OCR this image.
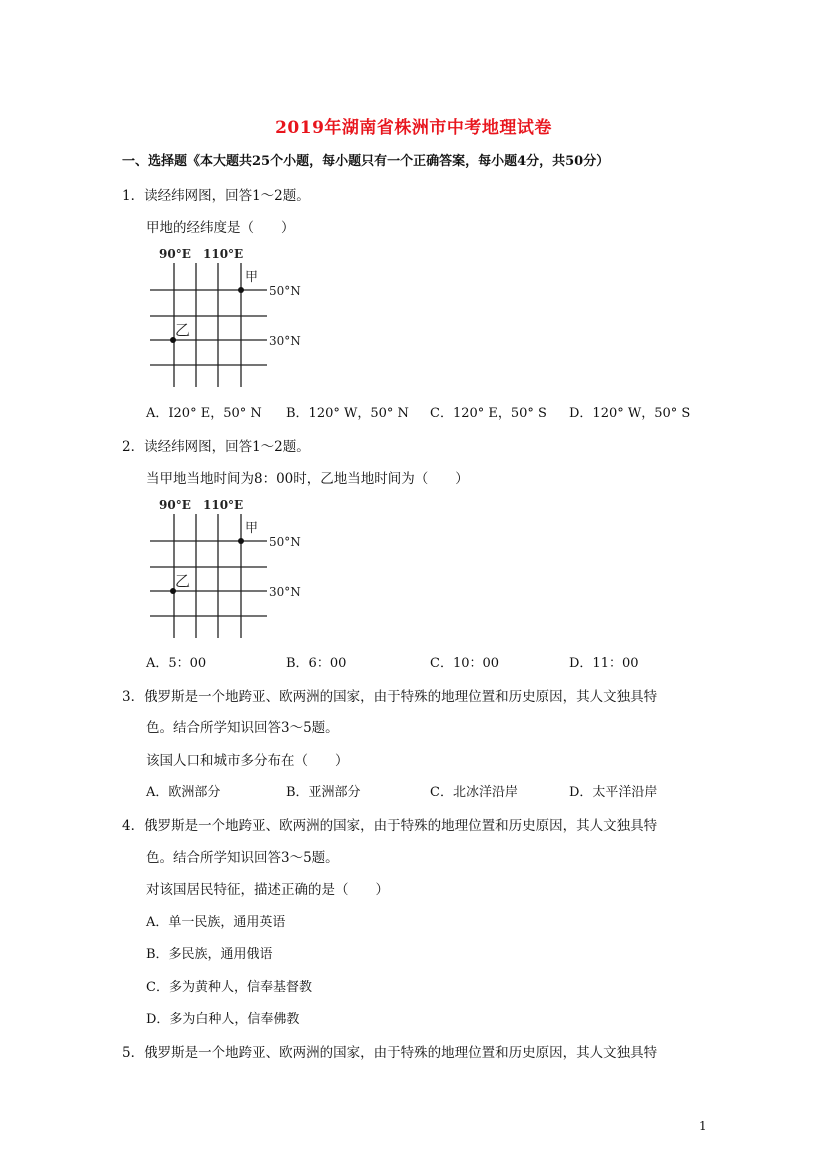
2019年湖南省株洲市中考地理试卷
一、选择题《本大题共25个小题，每小题只有一个正确答案，每小题4分，共50分）
1．读经纬网图，回答1～2题。
甲地的经纬度是（　　）
90°E 110°E
甲
乙
50°N
30°N
A．I20° E，50° N B．120° W，50° N C．120° E，50° S D．120° W，50° S
2．读经纬网图，回答1～2题。
当甲地当地时间为8：00时，乙地当地时间为（　　）
90°E 110°E
甲
乙
50°N
30°N
A．5：00	B．6：00	C．10：00	D．11：00
3．俄罗斯是一个地跨亚、欧两洲的国家，由于特殊的地理位置和历史原因，其人文独具特
色。结合所学知识回答3～5题。
该国人口和城市多分布在（　　）
A．欧洲部分	B．亚洲部分	C．北冰洋沿岸	D．太平洋沿岸
4．俄罗斯是一个地跨亚、欧两洲的国家，由于特殊的地理位置和历史原因，其人文独具特
色。结合所学知识回答3～5题。
对该国居民特征，描述正确的是（　　）
A．单一民族，通用英语
B．多民族，通用俄语
C．多为黄种人，信奉基督教
D．多为白种人，信奉佛教
5．俄罗斯是一个地跨亚、欧两洲的国家，由于特殊的地理位置和历史原因，其人文独具特
1
